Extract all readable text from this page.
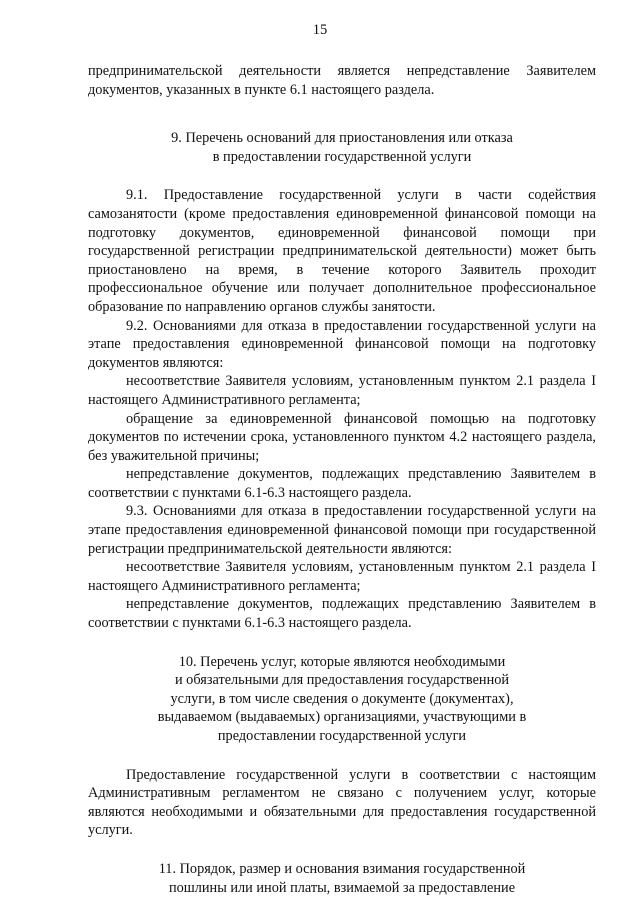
15

предпринимательской деятельности является непредставление Заявителем

документов, указанных в пункте 6.1 настоящего раздела.

9. Перечень оснований для приостановления или отказа

в предоставлении государственной услуги

9.1. Предоставление государственной услуги в части содействия самозанятости (кроме предоставления единовременной финансовой помощи на подготовку документов, единовременной финансовой помощи при государственной регистрации предпринимательской деятельности) может быть приостановлено на время, в течение которого Заявитель проходит профессиональное обучение или получает дополнительное профессиональное образование по направлению органов службы занятости.

9.2. Основаниями для отказа в предоставлении государственной услуги на этапе предоставления единовременной финансовой помощи на подготовку документов являются:

несоответствие Заявителя условиям, установленным пунктом 2.1 раздела I настоящего Административного регламента;

обращение за единовременной финансовой помощью на подготовку документов по истечении срока, установленного пунктом 4.2 настоящего раздела, без уважительной причины;

непредставление документов, подлежащих представлению Заявителем в соответствии с пунктами 6.1-6.3 настоящего раздела.

9.3. Основаниями для отказа в предоставлении государственной услуги на этапе предоставления единовременной финансовой помощи при государственной регистрации предпринимательской деятельности являются:

несоответствие Заявителя условиям, установленным пунктом 2.1 раздела I настоящего Административного регламента;

непредставление документов, подлежащих представлению Заявителем в соответствии с пунктами 6.1-6.3 настоящего раздела.

10. Перечень услуг, которые являются необходимыми

и обязательными для предоставления государственной

услуги, в том числе сведения о документе (документах),

выдаваемом (выдаваемых) организациями, участвующими в

предоставлении государственной услуги

Предоставление государственной услуги в соответствии с настоящим Административным регламентом не связано с получением услуг, которые являются необходимыми и обязательными для предоставления государственной услуги.

11. Порядок, размер и основания взимания государственной

пошлины или иной платы, взимаемой за предоставление
